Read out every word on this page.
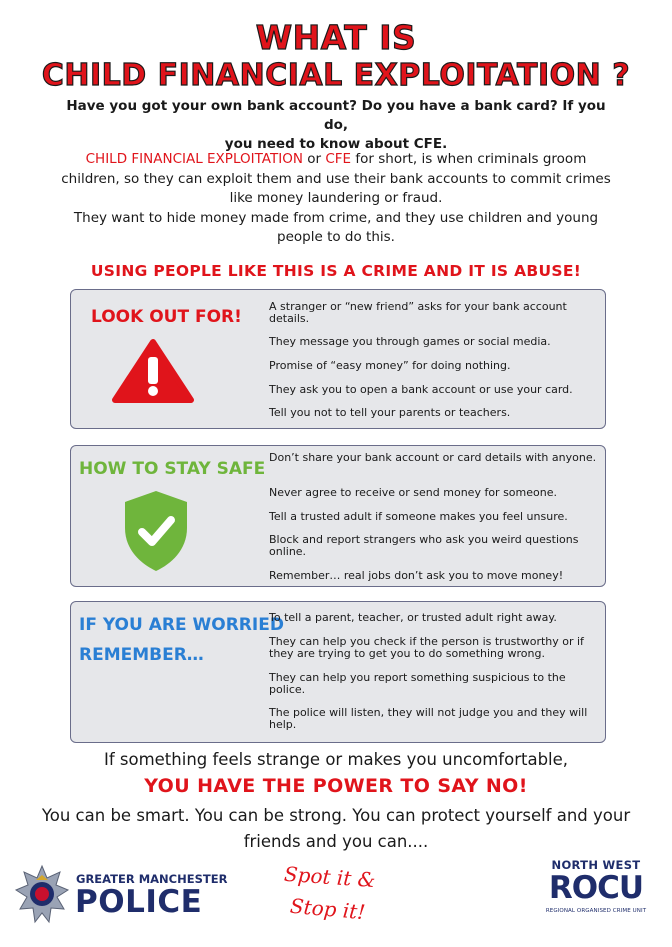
WHAT IS
CHILD FINANCIAL EXPLOITATION ?
Have you got your own bank account? Do you have a bank card? If you do,
you need to know about CFE.
CHILD FINANCIAL EXPLOITATION or CFE for short, is when criminals groom children, so they can exploit them and use their bank accounts to commit crimes like money laundering or fraud.
They want to hide money made from crime, and they use children and young people to do this.
USING PEOPLE LIKE THIS IS A CRIME AND IT IS ABUSE!
LOOK OUT FOR!
A stranger or “new friend” asks for your bank account details.
They message you through games or social media.
Promise of “easy money” for doing nothing.
They ask you to open a bank account or use your card.
Tell you not to tell your parents or teachers.
HOW TO STAY SAFE
Don’t share your bank account or card details with anyone.
Never agree to receive or send money for someone.
Tell a trusted adult if someone makes you feel unsure.
Block and report strangers who ask you weird questions online.
Remember… real jobs don’t ask you to move money!
IF YOU ARE WORRIED
REMEMBER…
To tell a parent, teacher, or trusted adult right away.
They can help you check if the person is trustworthy or if they are trying to get you to do something wrong.
They can help you report something suspicious to the police.
The police will listen, they will not judge you and they will help.
If something feels strange or makes you uncomfortable,
YOU HAVE THE POWER TO SAY NO!
You can be smart. You can be strong. You can protect yourself and your friends and you can....
GREATER MANCHESTER
POLICE
Spot it &
Stop it!
NORTH WEST
ROCU
REGIONAL ORGANISED CRIME UNIT
